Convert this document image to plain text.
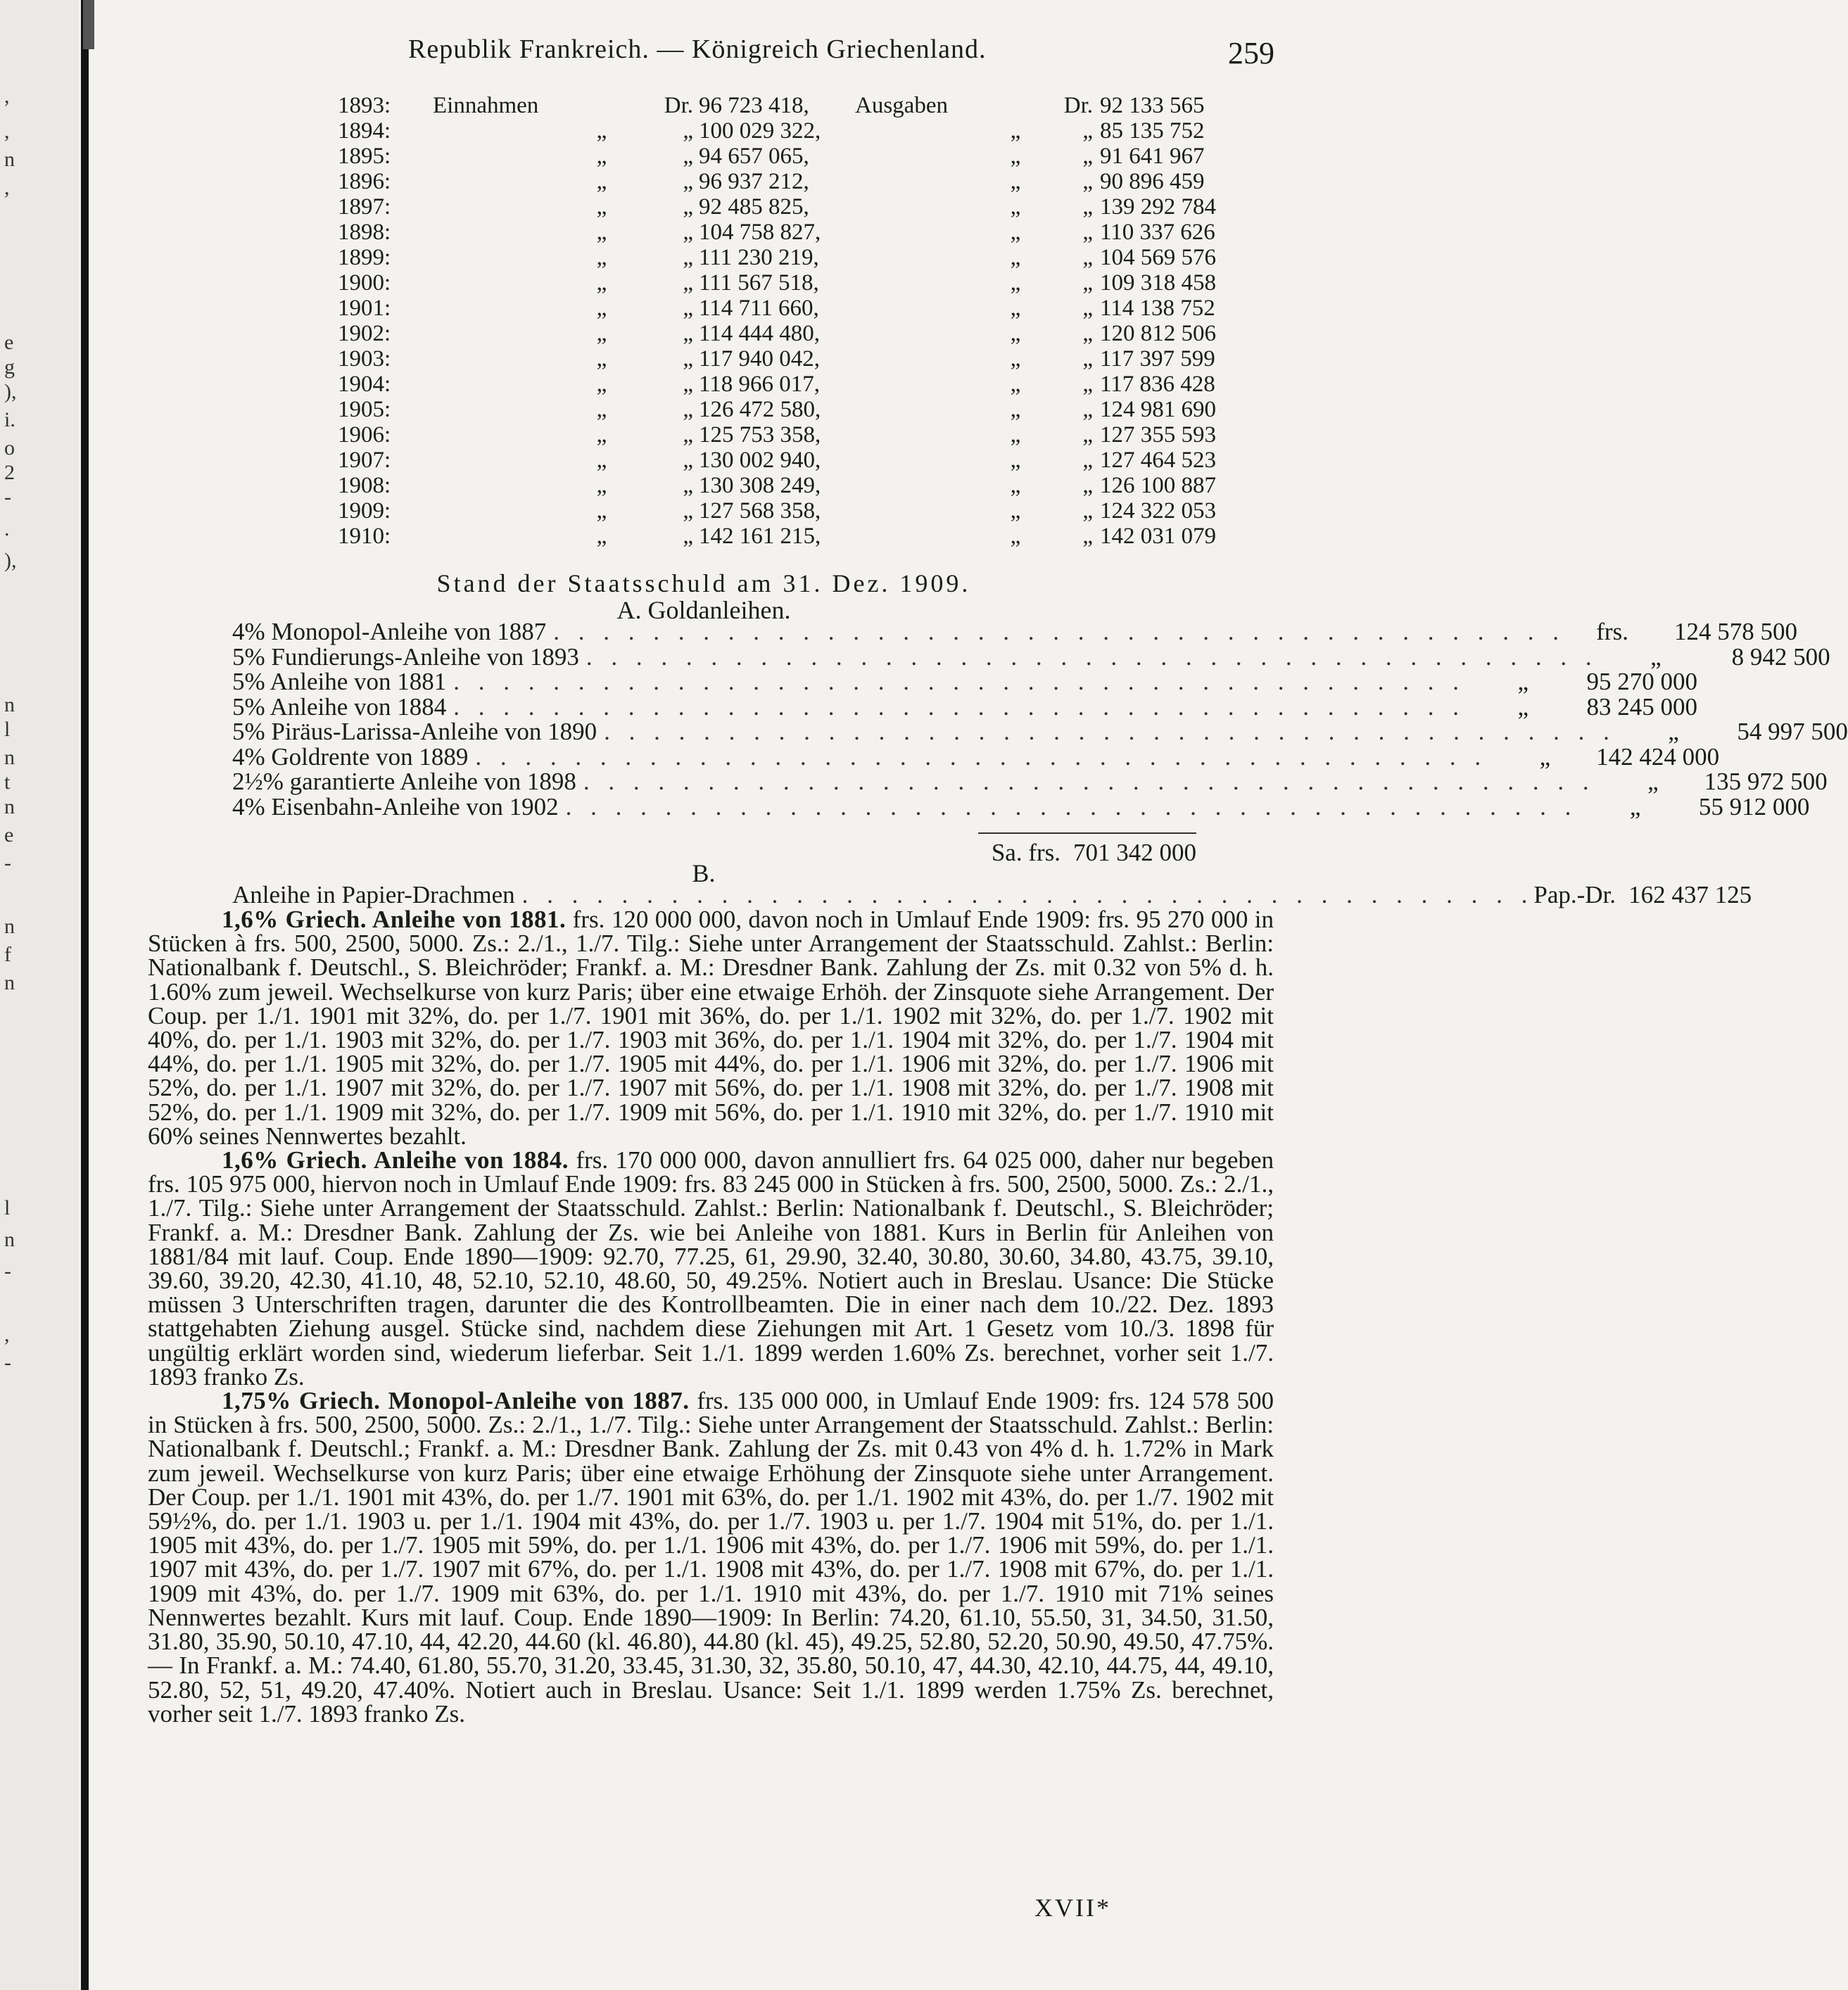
,
,
n
,
e
g
),
i.
o
2
-
.
),
n
l
n
t
n
e
-
n
f
n
l
n
-
,
-
Republik Frankreich. — Königreich Griechenland.	259
1893:	Einnahmen		Dr.	96 723 418,	Ausgaben		Dr.	92 133 565
1894:		„	„	100 029 322,		„	„	85 135 752
1895:		„	„	94 657 065,		„	„	91 641 967
1896:		„	„	96 937 212,		„	„	90 896 459
1897:		„	„	92 485 825,		„	„	139 292 784
1898:		„	„	104 758 827,		„	„	110 337 626
1899:		„	„	111 230 219,		„	„	104 569 576
1900:		„	„	111 567 518,		„	„	109 318 458
1901:		„	„	114 711 660,		„	„	114 138 752
1902:		„	„	114 444 480,		„	„	120 812 506
1903:		„	„	117 940 042,		„	„	117 397 599
1904:		„	„	118 966 017,		„	„	117 836 428
1905:		„	„	126 472 580,		„	„	124 981 690
1906:		„	„	125 753 358,		„	„	127 355 593
1907:		„	„	130 002 940,		„	„	127 464 523
1908:		„	„	130 308 249,		„	„	126 100 887
1909:		„	„	127 568 358,		„	„	124 322 053
1910:		„	„	142 161 215,		„	„	142 031 079
Stand der Staatsschuld am 31. Dez. 1909.
A. Goldanleihen.
4% Monopol-Anleihe von 1887 . . . . . . . . . . . . . . . . . . . . . . . . . . . . . . . . . . . . . . . . .	frs.	124 578 500
5% Fundierungs-Anleihe von 1893 . . . . . . . . . . . . . . . . . . . . . . . . . . . . . . . . . . . . . . . . .	„	8 942 500
5% Anleihe von 1881 . . . . . . . . . . . . . . . . . . . . . . . . . . . . . . . . . . . . . . . . .	„	95 270 000
5% Anleihe von 1884 . . . . . . . . . . . . . . . . . . . . . . . . . . . . . . . . . . . . . . . . .	„	83 245 000
5% Piräus-Larissa-Anleihe von 1890 . . . . . . . . . . . . . . . . . . . . . . . . . . . . . . . . . . . . . . . . .	„	54 997 500
4% Goldrente von 1889 . . . . . . . . . . . . . . . . . . . . . . . . . . . . . . . . . . . . . . . . .	„	142 424 000
2½% garantierte Anleihe von 1898 . . . . . . . . . . . . . . . . . . . . . . . . . . . . . . . . . . . . . . . . .	„	135 972 500
4% Eisenbahn-Anleihe von 1902 . . . . . . . . . . . . . . . . . . . . . . . . . . . . . . . . . . . . . . . . .	„	55 912 000
Sa. frs. 701 342 000
B.
Anleihe in Papier-Drachmen . . . . . . . . . . . . . . . . . . . . . . . . . . . . . . . . . . . . . . . . . Pap.-Dr. 162 437 125

1,6% Griech. Anleihe von 1881. frs. 120 000 000, davon noch in Umlauf Ende 1909: frs. 95 270 000 in Stücken à frs. 500, 2500, 5000. Zs.: 2./1., 1./7. Tilg.: Siehe unter Arrangement der Staatsschuld. Zahlst.: Berlin: Nationalbank f. Deutschl., S. Bleichröder; Frankf. a. M.: Dresdner Bank. Zahlung der Zs. mit 0.32 von 5% d. h. 1.60% zum jeweil. Wechselkurse von kurz Paris; über eine etwaige Erhöh. der Zinsquote siehe Arrangement. Der Coup. per 1./1. 1901 mit 32%, do. per 1./7. 1901 mit 36%, do. per 1./1. 1902 mit 32%, do. per 1./7. 1902 mit 40%, do. per 1./1. 1903 mit 32%, do. per 1./7. 1903 mit 36%, do. per 1./1. 1904 mit 32%, do. per 1./7. 1904 mit 44%, do. per 1./1. 1905 mit 32%, do. per 1./7. 1905 mit 44%, do. per 1./1. 1906 mit 32%, do. per 1./7. 1906 mit 52%, do. per 1./1. 1907 mit 32%, do. per 1./7. 1907 mit 56%, do. per 1./1. 1908 mit 32%, do. per 1./7. 1908 mit 52%, do. per 1./1. 1909 mit 32%, do. per 1./7. 1909 mit 56%, do. per 1./1. 1910 mit 32%, do. per 1./7. 1910 mit 60% seines Nennwertes bezahlt.

1,6% Griech. Anleihe von 1884. frs. 170 000 000, davon annulliert frs. 64 025 000, daher nur begeben frs. 105 975 000, hiervon noch in Umlauf Ende 1909: frs. 83 245 000 in Stücken à frs. 500, 2500, 5000. Zs.: 2./1., 1./7. Tilg.: Siehe unter Arrangement der Staatsschuld. Zahlst.: Berlin: Nationalbank f. Deutschl., S. Bleichröder; Frankf. a. M.: Dresdner Bank. Zahlung der Zs. wie bei Anleihe von 1881. Kurs in Berlin für Anleihen von 1881/84 mit lauf. Coup. Ende 1890—1909: 92.70, 77.25, 61, 29.90, 32.40, 30.80, 30.60, 34.80, 43.75, 39.10, 39.60, 39.20, 42.30, 41.10, 48, 52.10, 52.10, 48.60, 50, 49.25%. Notiert auch in Breslau. Usance: Die Stücke müssen 3 Unterschriften tragen, darunter die des Kontrollbeamten. Die in einer nach dem 10./22. Dez. 1893 stattgehabten Ziehung ausgel. Stücke sind, nachdem diese Ziehungen mit Art. 1 Gesetz vom 10./3. 1898 für ungültig erklärt worden sind, wiederum lieferbar. Seit 1./1. 1899 werden 1.60% Zs. berechnet, vorher seit 1./7. 1893 franko Zs.

1,75% Griech. Monopol-Anleihe von 1887. frs. 135 000 000, in Umlauf Ende 1909: frs. 124 578 500 in Stücken à frs. 500, 2500, 5000. Zs.: 2./1., 1./7. Tilg.: Siehe unter Arrangement der Staatsschuld. Zahlst.: Berlin: Nationalbank f. Deutschl.; Frankf. a. M.: Dresdner Bank. Zahlung der Zs. mit 0.43 von 4% d. h. 1.72% in Mark zum jeweil. Wechselkurse von kurz Paris; über eine etwaige Erhöhung der Zinsquote siehe unter Arrangement. Der Coup. per 1./1. 1901 mit 43%, do. per 1./7. 1901 mit 63%, do. per 1./1. 1902 mit 43%, do. per 1./7. 1902 mit 59½%, do. per 1./1. 1903 u. per 1./1. 1904 mit 43%, do. per 1./7. 1903 u. per 1./7. 1904 mit 51%, do. per 1./1. 1905 mit 43%, do. per 1./7. 1905 mit 59%, do. per 1./1. 1906 mit 43%, do. per 1./7. 1906 mit 59%, do. per 1./1. 1907 mit 43%, do. per 1./7. 1907 mit 67%, do. per 1./1. 1908 mit 43%, do. per 1./7. 1908 mit 67%, do. per 1./1. 1909 mit 43%, do. per 1./7. 1909 mit 63%, do. per 1./1. 1910 mit 43%, do. per 1./7. 1910 mit 71% seines Nennwertes bezahlt. Kurs mit lauf. Coup. Ende 1890—1909: In Berlin: 74.20, 61.10, 55.50, 31, 34.50, 31.50, 31.80, 35.90, 50.10, 47.10, 44, 42.20, 44.60 (kl. 46.80), 44.80 (kl. 45), 49.25, 52.80, 52.20, 50.90, 49.50, 47.75%. — In Frankf. a. M.: 74.40, 61.80, 55.70, 31.20, 33.45, 31.30, 32, 35.80, 50.10, 47, 44.30, 42.10, 44.75, 44, 49.10, 52.80, 52, 51, 49.20, 47.40%. Notiert auch in Breslau. Usance: Seit 1./1. 1899 werden 1.75% Zs. berechnet, vorher seit 1./7. 1893 franko Zs.

XVII*
